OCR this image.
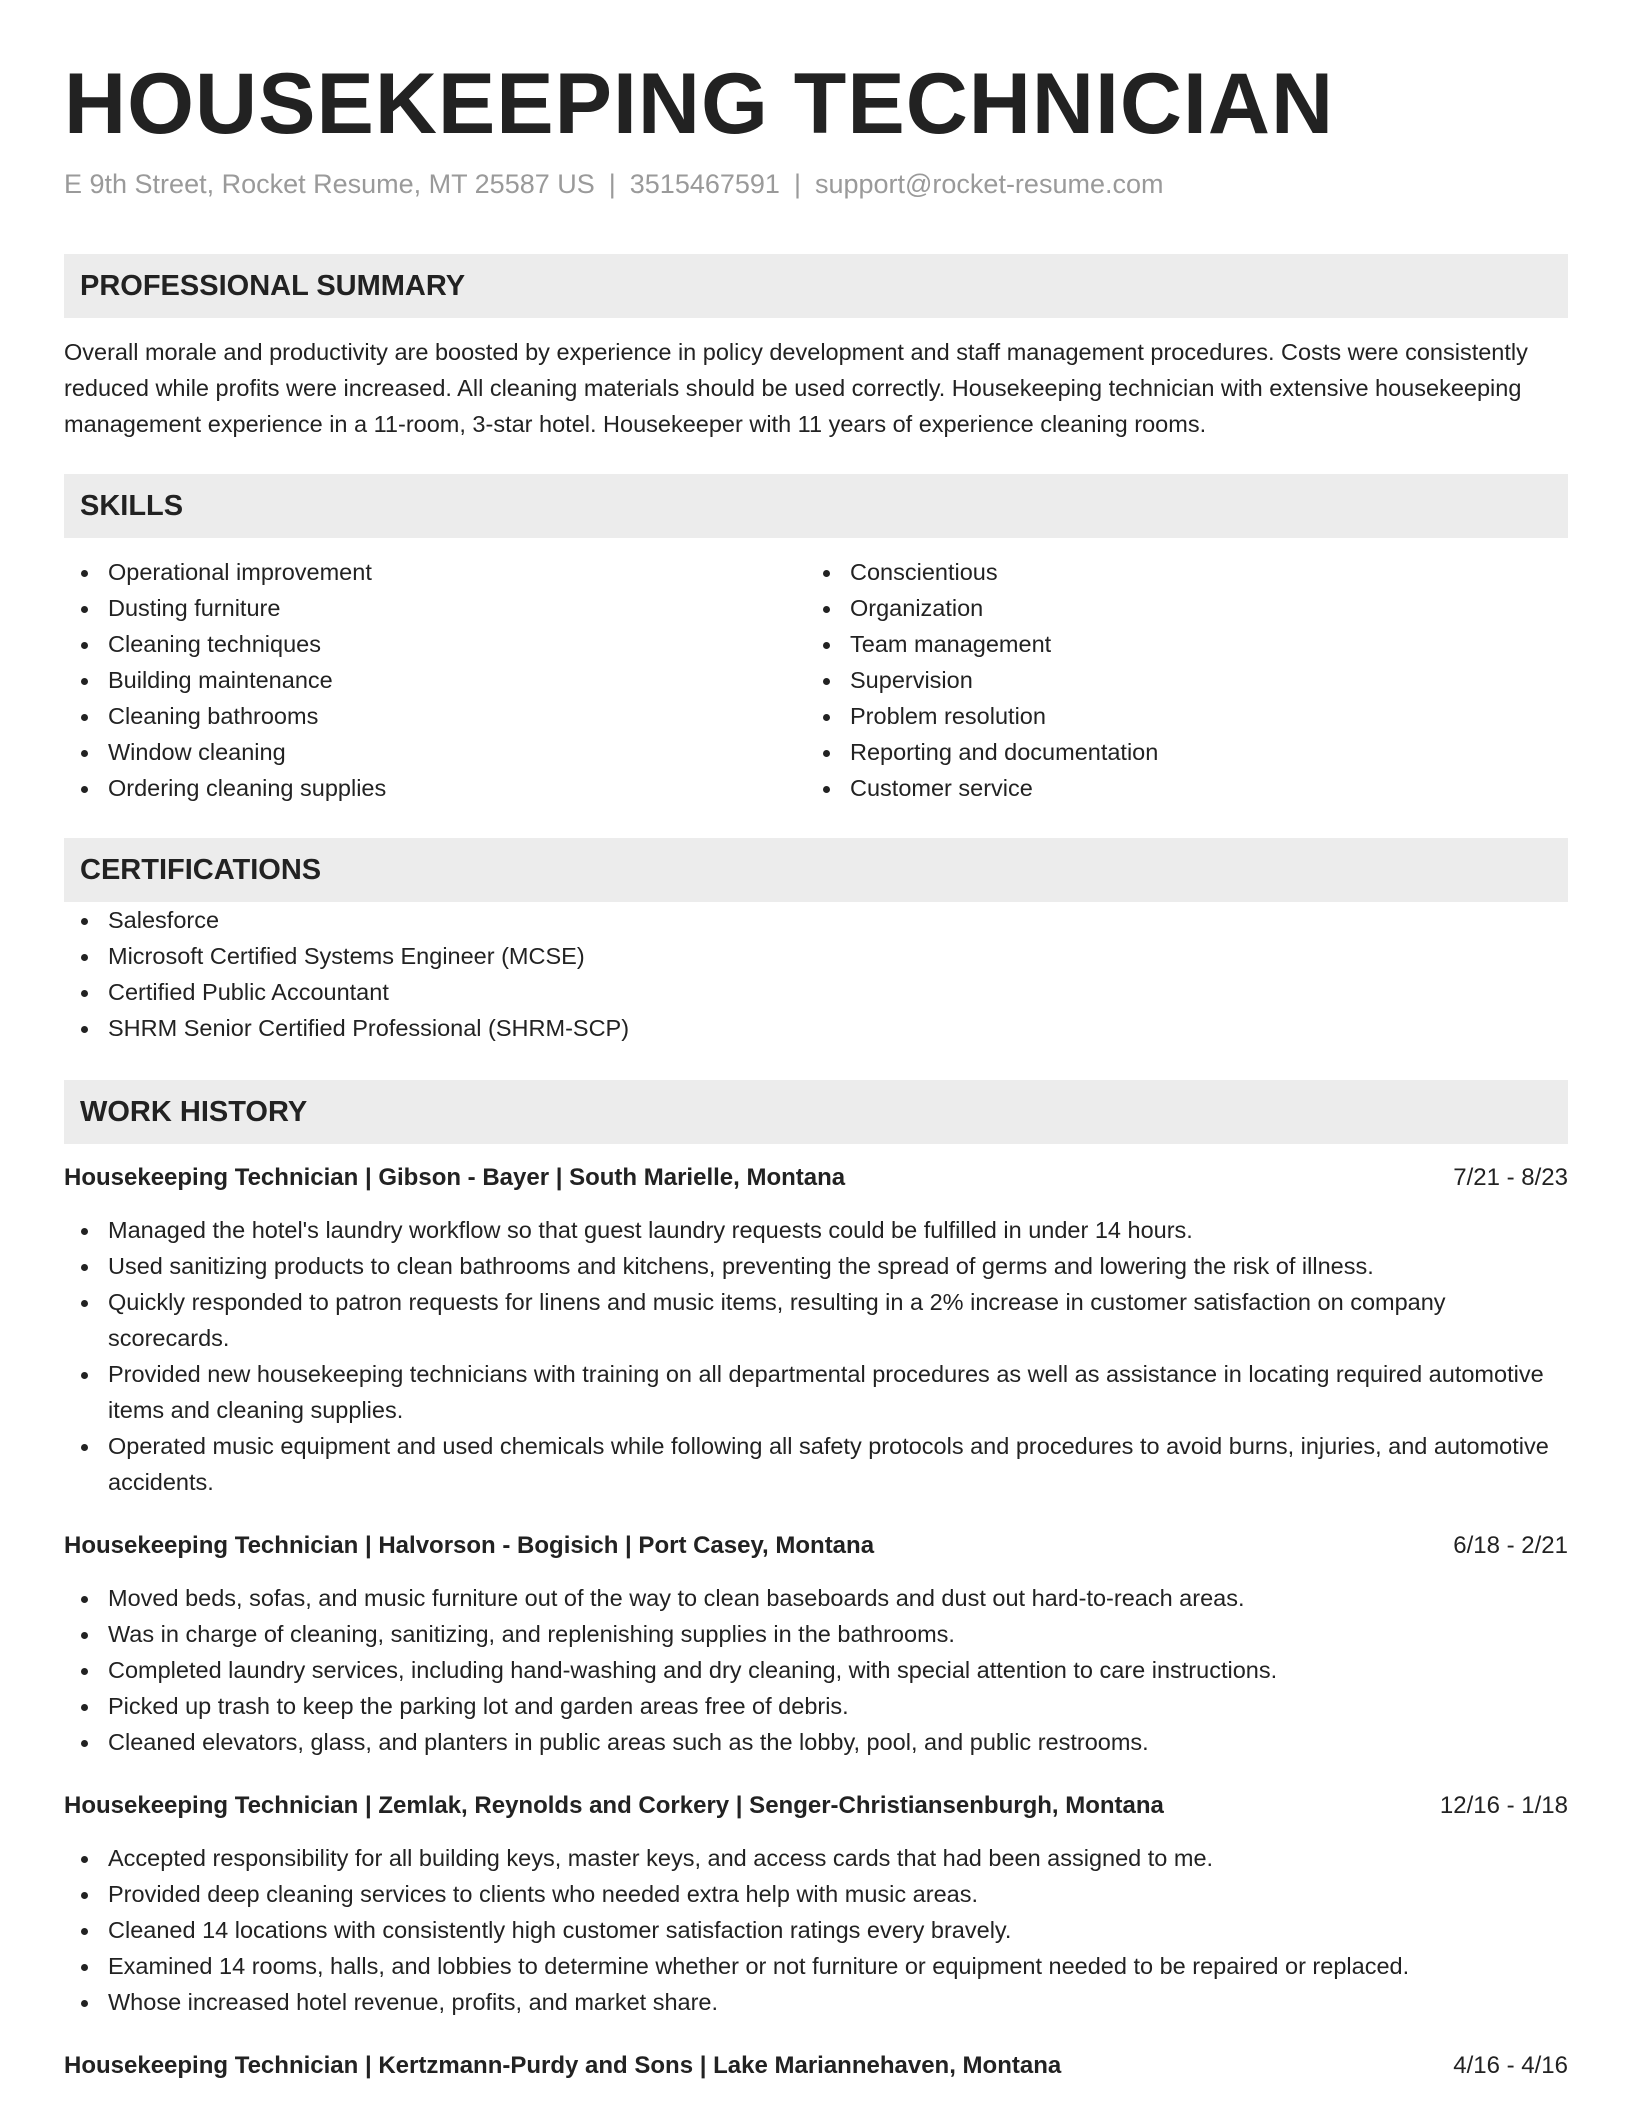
HOUSEKEEPING TECHNICIAN
E 9th Street, Rocket Resume, MT 25587 US | 3515467591 | support@rocket-resume.com
PROFESSIONAL SUMMARY
Overall morale and productivity are boosted by experience in policy development and staff management procedures. Costs were consistently reduced while profits were increased. All cleaning materials should be used correctly. Housekeeping technician with extensive housekeeping management experience in a 11-room, 3-star hotel. Housekeeper with 11 years of experience cleaning rooms.
SKILLS
Operational improvement
Dusting furniture
Cleaning techniques
Building maintenance
Cleaning bathrooms
Window cleaning
Ordering cleaning supplies
Conscientious
Organization
Team management
Supervision
Problem resolution
Reporting and documentation
Customer service
CERTIFICATIONS
Salesforce
Microsoft Certified Systems Engineer (MCSE)
Certified Public Accountant
SHRM Senior Certified Professional (SHRM-SCP)
WORK HISTORY
Housekeeping Technician | Gibson - Bayer | South Marielle, Montana	7/21 - 8/23
Managed the hotel's laundry workflow so that guest laundry requests could be fulfilled in under 14 hours.
Used sanitizing products to clean bathrooms and kitchens, preventing the spread of germs and lowering the risk of illness.
Quickly responded to patron requests for linens and music items, resulting in a 2% increase in customer satisfaction on company scorecards.
Provided new housekeeping technicians with training on all departmental procedures as well as assistance in locating required automotive items and cleaning supplies.
Operated music equipment and used chemicals while following all safety protocols and procedures to avoid burns, injuries, and automotive accidents.
Housekeeping Technician | Halvorson - Bogisich | Port Casey, Montana	6/18 - 2/21
Moved beds, sofas, and music furniture out of the way to clean baseboards and dust out hard-to-reach areas.
Was in charge of cleaning, sanitizing, and replenishing supplies in the bathrooms.
Completed laundry services, including hand-washing and dry cleaning, with special attention to care instructions.
Picked up trash to keep the parking lot and garden areas free of debris.
Cleaned elevators, glass, and planters in public areas such as the lobby, pool, and public restrooms.
Housekeeping Technician | Zemlak, Reynolds and Corkery | Senger-Christiansenburgh, Montana	12/16 - 1/18
Accepted responsibility for all building keys, master keys, and access cards that had been assigned to me.
Provided deep cleaning services to clients who needed extra help with music areas.
Cleaned 14 locations with consistently high customer satisfaction ratings every bravely.
Examined 14 rooms, halls, and lobbies to determine whether or not furniture or equipment needed to be repaired or replaced.
Whose increased hotel revenue, profits, and market share.
Housekeeping Technician | Kertzmann-Purdy and Sons | Lake Mariannehaven, Montana	4/16 - 4/16
